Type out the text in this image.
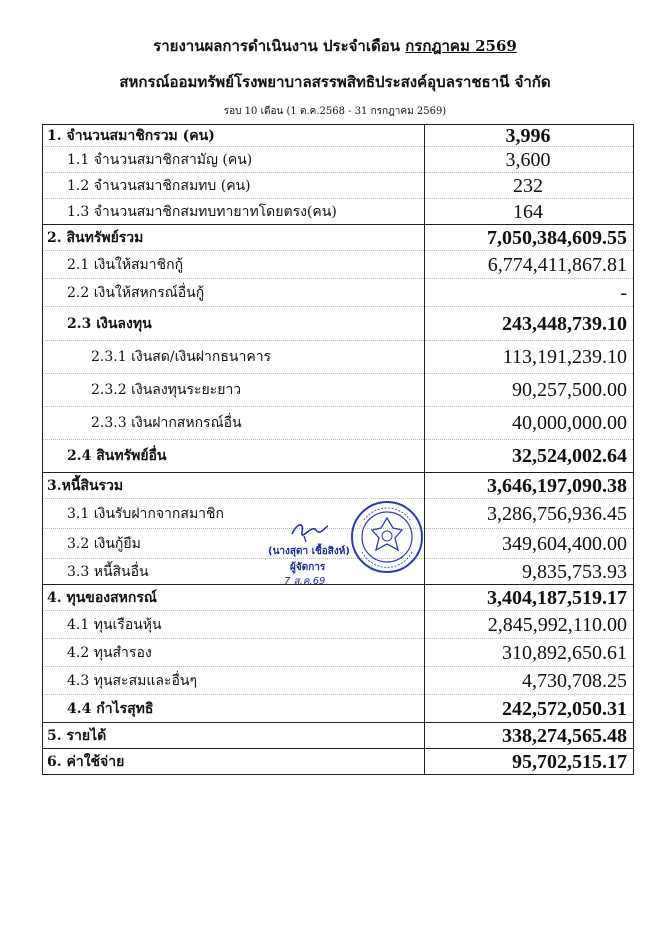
รายงานผลการดำเนินงาน ประจำเดือน กรกฎาคม 2569
สหกรณ์ออมทรัพย์โรงพยาบาลสรรพสิทธิประสงค์อุบลราชธานี จำกัด
รอบ 10 เดือน (1 ต.ค.2568 - 31 กรกฎาคม 2569)
1. จำนวนสมาชิกรวม (คน)	3,996
1.1 จำนวนสมาชิกสามัญ (คน)	3,600
1.2 จำนวนสมาชิกสมทบ (คน)	232
1.3 จำนวนสมาชิกสมทบทายาทโดยตรง(คน)	164
2. สินทรัพย์รวม	7,050,384,609.55
2.1 เงินให้สมาชิกกู้	6,774,411,867.81
2.2 เงินให้สหกรณ์อื่นกู้	-
2.3 เงินลงทุน	243,448,739.10
2.3.1 เงินสด/เงินฝากธนาคาร	113,191,239.10
2.3.2 เงินลงทุนระยะยาว	90,257,500.00
2.3.3 เงินฝากสหกรณ์อื่น	40,000,000.00
2.4 สินทรัพย์อื่น	32,524,002.64
3.หนี้สินรวม	3,646,197,090.38
3.1 เงินรับฝากจากสมาชิก	3,286,756,936.45
3.2 เงินกู้ยืม	349,604,400.00
3.3 หนี้สินอื่น	9,835,753.93
4. ทุนของสหกรณ์	3,404,187,519.17
4.1 ทุนเรือนหุ้น	2,845,992,110.00
4.2 ทุนสำรอง	310,892,650.61
4.3 ทุนสะสมและอื่นๆ	4,730,708.25
4.4 กำไรสุทธิ	242,572,050.31
5. รายได้	338,274,565.48
6. ค่าใช้จ่าย	95,702,515.17
(นางสุดา เชื้อสิงห์)
ผู้จัดการ
7 ส.ค.69
